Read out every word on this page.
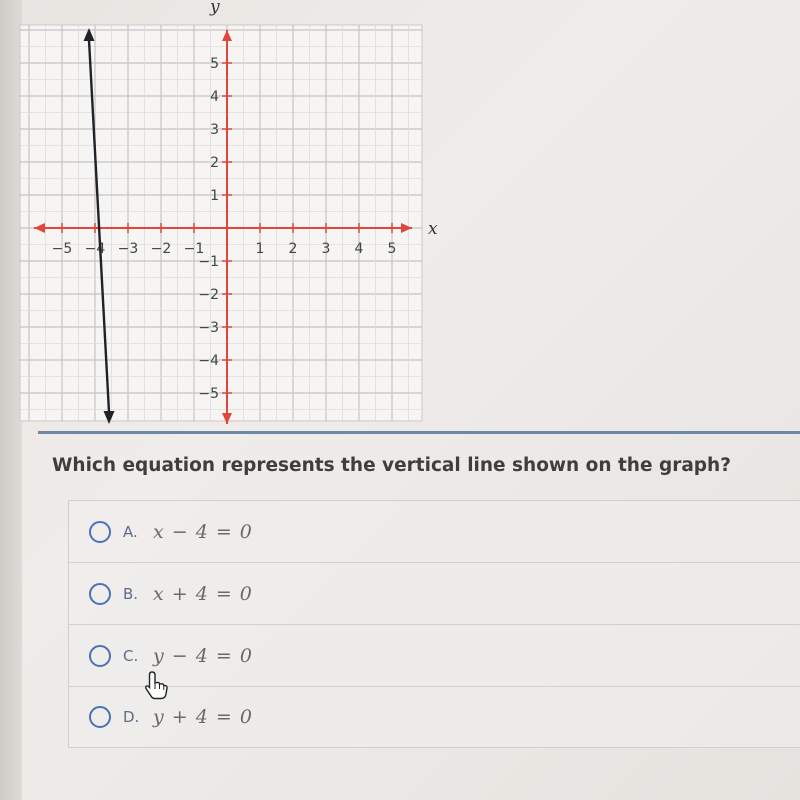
x
y
−5 −4 −3 −2 −1	1 2 3 4 5
5
4
3
2
1
−1
−2
−3
−4
−5
Which equation represents the vertical line shown on the graph?
A. x − 4 = 0
B. x + 4 = 0
C. y − 4 = 0
D. y + 4 = 0
